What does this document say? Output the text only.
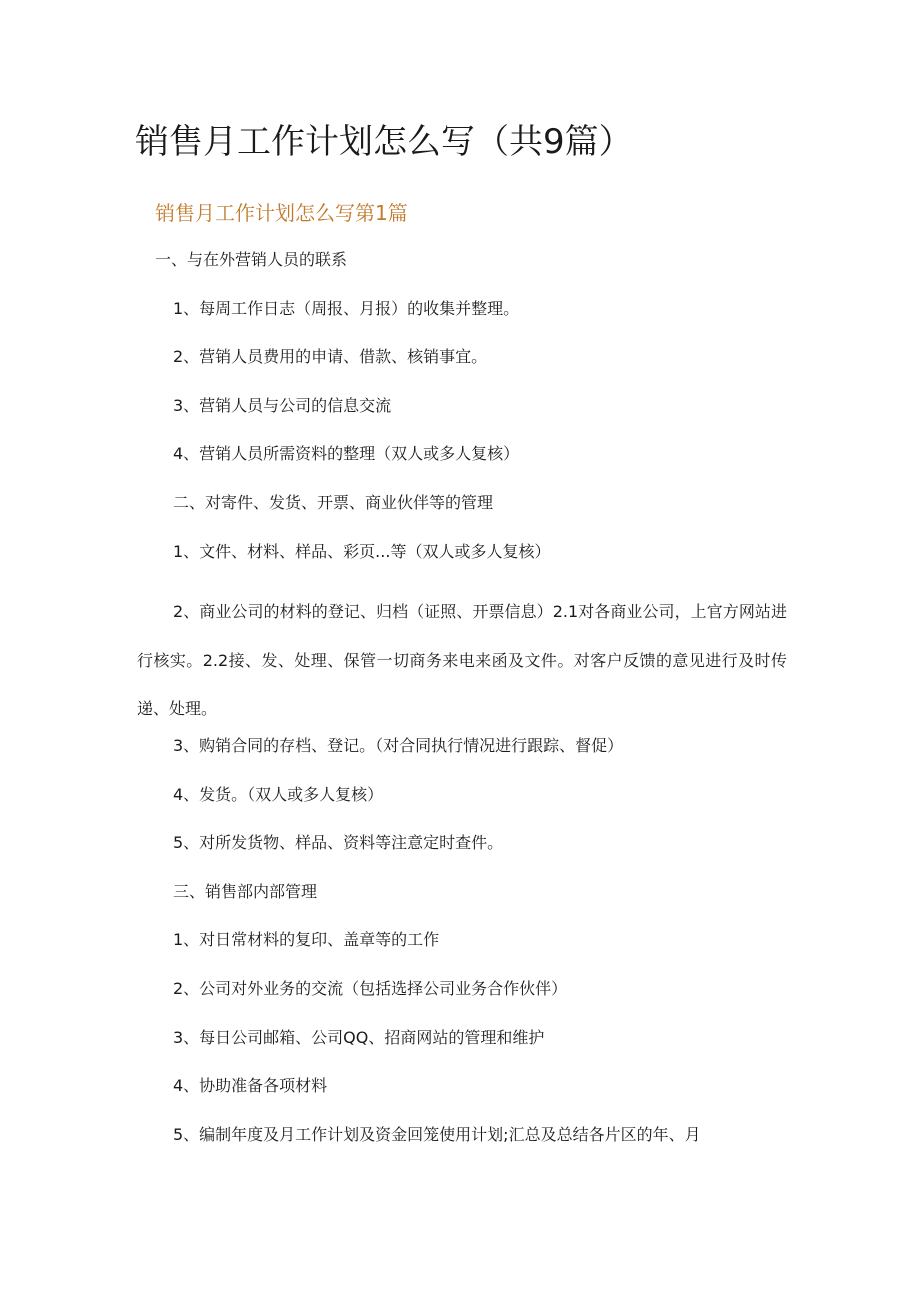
销售月工作计划怎么写（共9篇）
销售月工作计划怎么写第1篇

一、与在外营销人员的联系

1、每周工作日志（周报、月报）的收集并整理。

2、营销人员费用的申请、借款、核销事宜。

3、营销人员与公司的信息交流

4、营销人员所需资料的整理（双人或多人复核）

二、对寄件、发货、开票、商业伙伴等的管理

1、文件、材料、样品、彩页...等（双人或多人复核）

2、商业公司的材料的登记、归档（证照、开票信息）2.1对各商业公司，上官方网站进行核实。2.2接、发、处理、保管一切商务来电来函及文件。对客户反馈的意见进行及时传递、处理。

3、购销合同的存档、登记。（对合同执行情况进行跟踪、督促）

4、发货。（双人或多人复核）

5、对所发货物、样品、资料等注意定时查件。

三、销售部内部管理

1、对日常材料的复印、盖章等的工作

2、公司对外业务的交流（包括选择公司业务合作伙伴）

3、每日公司邮箱、公司QQ、招商网站的管理和维护

4、协助准备各项材料

5、编制年度及月工作计划及资金回笼使用计划;汇总及总结各片区的年、月
